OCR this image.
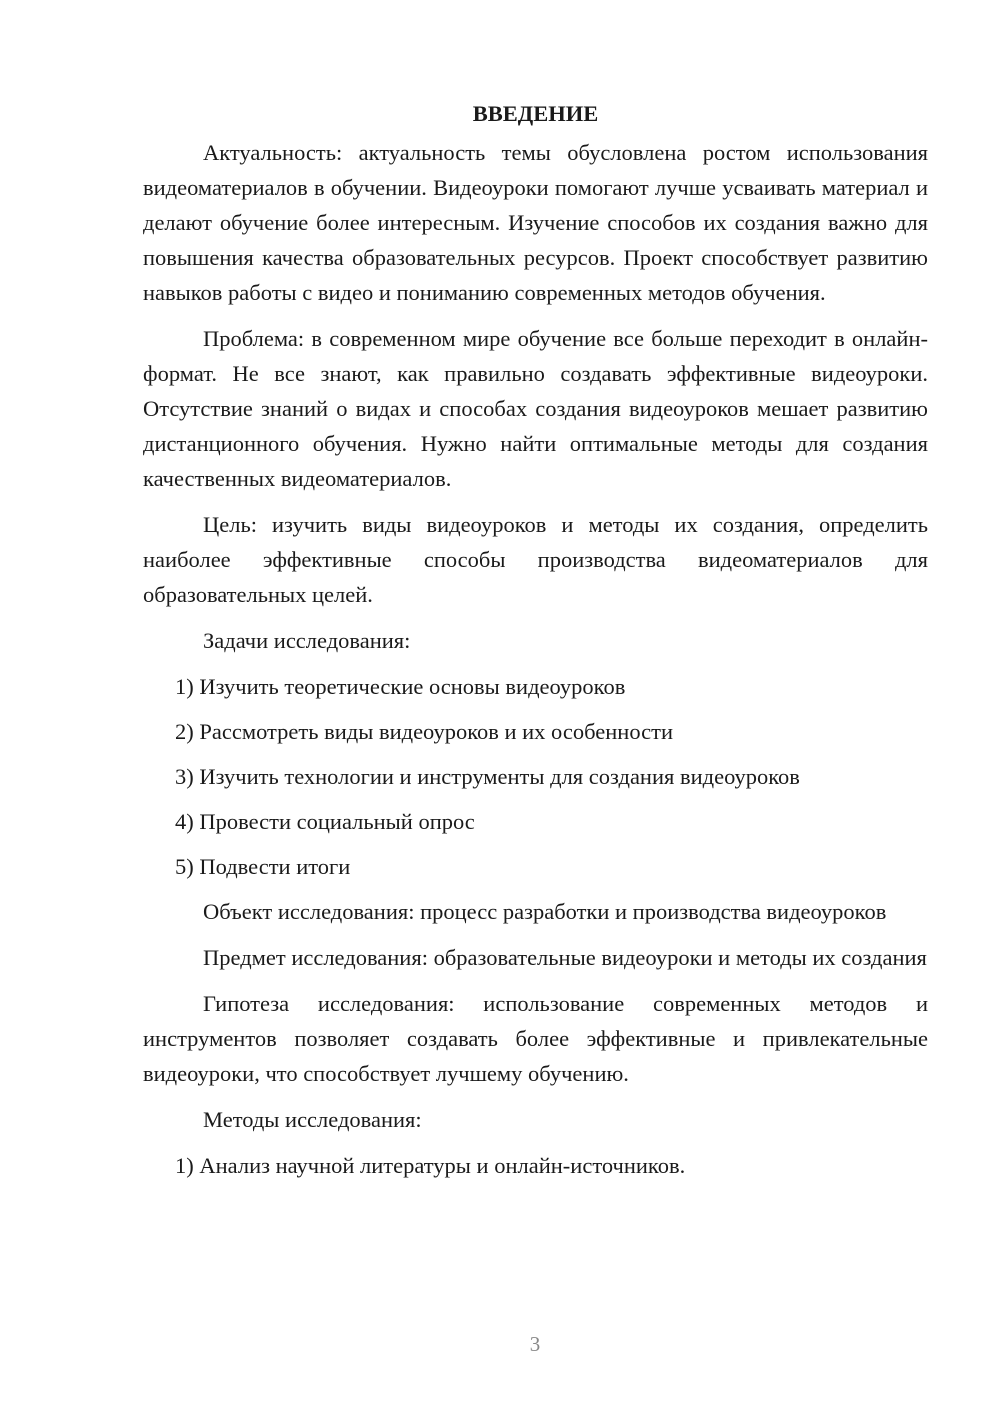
ВВЕДЕНИЕ

Актуальность: актуальность темы обусловлена ростом использования видеоматериалов в обучении. Видеоуроки помогают лучше усваивать материал и делают обучение более интересным. Изучение способов их создания важно для повышения качества образовательных ресурсов. Проект способствует развитию навыков работы с видео и пониманию современных методов обучения.

Проблема: в современном мире обучение все больше переходит в онлайн-формат. Не все знают, как правильно создавать эффективные видеоуроки. Отсутствие знаний о видах и способах создания видеоуроков мешает развитию дистанционного обучения. Нужно найти оптимальные методы для создания качественных видеоматериалов.

Цель: изучить виды видеоуроков и методы их создания, определить наиболее эффективные способы производства видеоматериалов для образовательных целей.

Задачи исследования:

1) Изучить теоретические основы видеоуроков

2) Рассмотреть виды видеоуроков и их особенности

3) Изучить технологии и инструменты для создания видеоуроков

4) Провести социальный опрос

5) Подвести итоги

Объект исследования: процесс разработки и производства видеоуроков

Предмет исследования: образовательные видеоуроки и методы их создания

Гипотеза исследования: использование современных методов и инструментов позволяет создавать более эффективные и привлекательные видеоуроки, что способствует лучшему обучению.

Методы исследования:

1) Анализ научной литературы и онлайн-источников.

3
